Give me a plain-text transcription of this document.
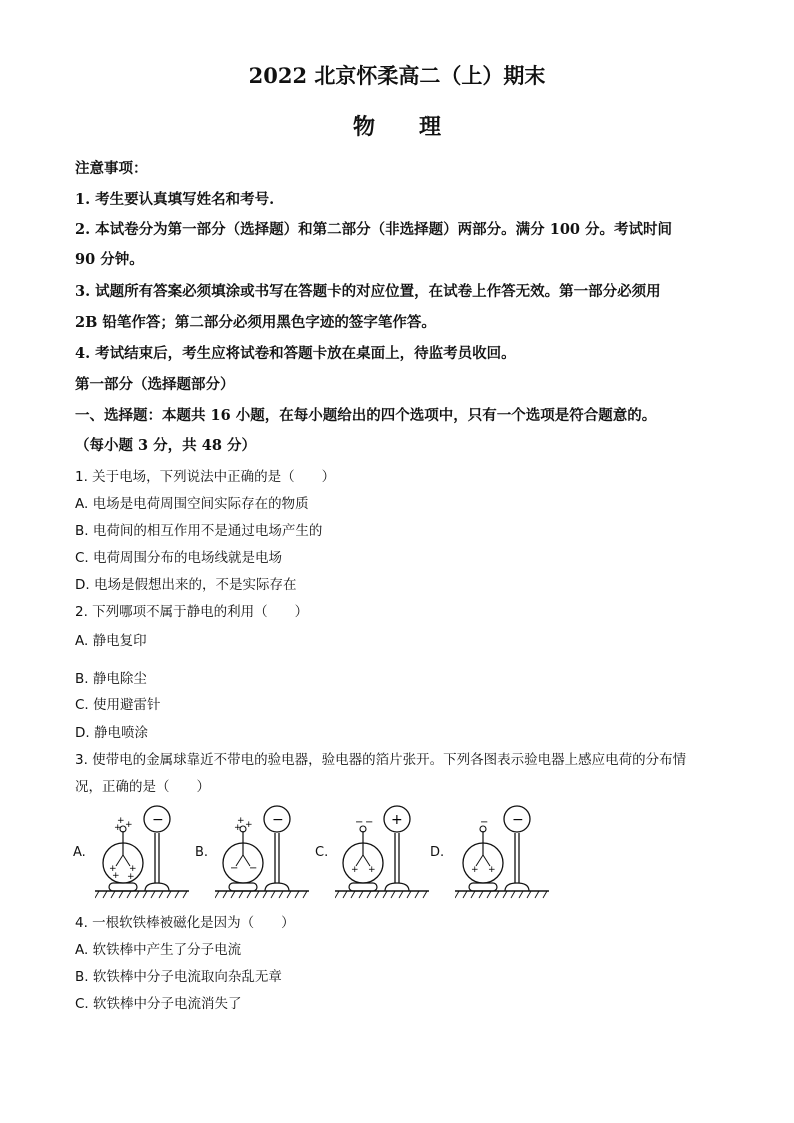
2022 北京怀柔高二（上）期末
物　　理
注意事项：
1. 考生要认真填写姓名和考号.
2. 本试卷分为第一部分（选择题）和第二部分（非选择题）两部分。满分 100 分。考试时间
90 分钟。
3. 试题所有答案必须填涂或书写在答题卡的对应位置，在试卷上作答无效。第一部分必须用
2B 铅笔作答；第二部分必须用黑色字迹的签字笔作答。
4. 考试结束后，考生应将试卷和答题卡放在桌面上，待监考员收回。
第一部分（选择题部分）
一、选择题：本题共 16 小题，在每小题给出的四个选项中，只有一个选项是符合题意的。
（每小题 3 分，共 48 分）
1. 关于电场，下列说法中正确的是（　　）
A. 电场是电荷周围空间实际存在的物质
B. 电荷间的相互作用不是通过电场产生的
C. 电荷周围分布的电场线就是电场
D. 电场是假想出来的，不是实际存在
2. 下列哪项不属于静电的利用（　　）
A. 静电复印
B. 静电除尘
C. 使用避雷针
D. 静电喷涂
3. 使带电的金属球靠近不带电的验电器，验电器的箔片张开。下列各图表示验电器上感应电荷的分布情
况，正确的是（　　）
A.
+ +
+
+ +
+ +
−
B.
+ +
+
− −
−
C.
− −
+ +
+
D.
−
+ +
−
4. 一根软铁棒被磁化是因为（　　）
A. 软铁棒中产生了分子电流
B. 软铁棒中分子电流取向杂乱无章
C. 软铁棒中分子电流消失了
